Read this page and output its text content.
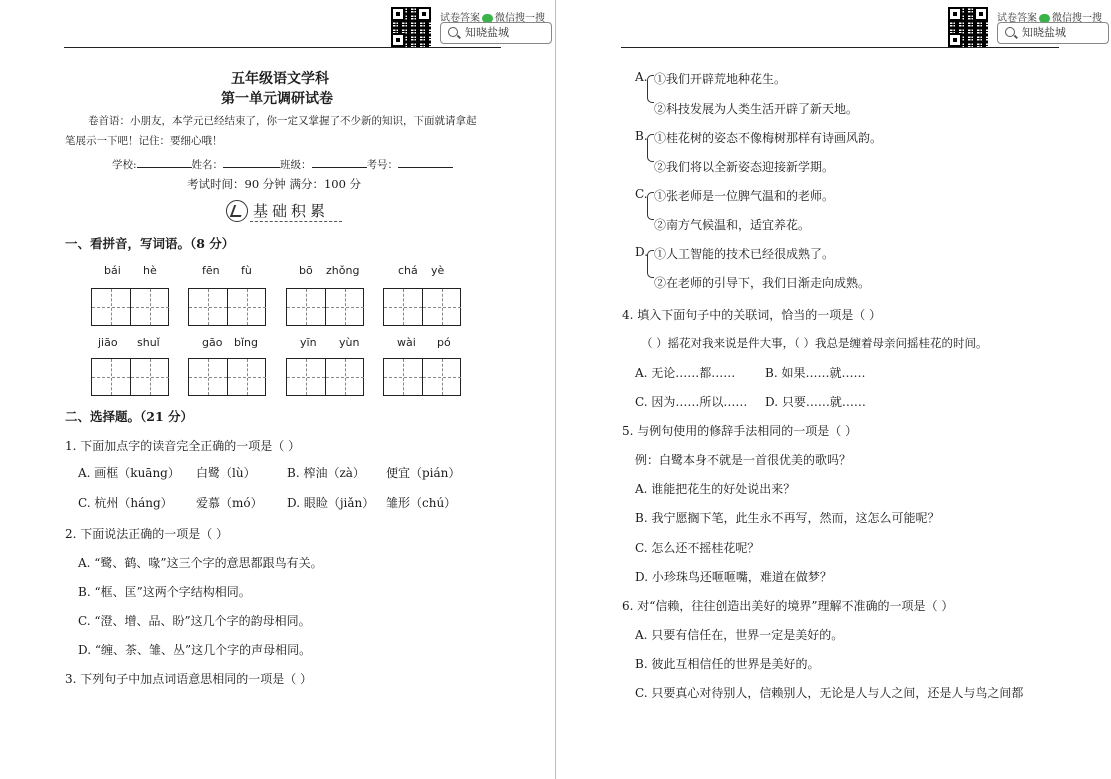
试卷答案 微信搜一搜
知晓盐城
五年级语文学科
第一单元调研试卷
卷首语：小朋友，本学元已经结束了，你一定又掌握了不少新的知识，下面就请拿起
笔展示一下吧！记住：要细心哦！
学校:	姓名：	班级：	考号：
考试时间：90 分钟 满分：100 分
基础积累
一、看拼音，写词语。（8 分）
bái hè	fēn fù	bō zhǒng	chá yè
jiāo shuǐ	gāo bǐng	yīn yùn	wài pó
二、选择题。（21 分）
1. 下面加点字的读音完全正确的一项是（ ）
A. 画框（kuāng） 白鹭（lù）	B. 榨油（zà） 便宜（pián）
C. 杭州（háng） 爱慕（mó） D. 眼睑（jiǎn） 雏形（chú）
2. 下面说法正确的一项是（ ）
A. “鹭、鹤、喙”这三个字的意思都跟鸟有关。
B. “框、匡”这两个字结构相同。
C. “澄、增、品、盼”这几个字的韵母相同。
D. “缠、茶、雏、丛”这几个字的声母相同。
3. 下列句子中加点词语意思相同的一项是（ ）
试卷答案 微信搜一搜
知晓盐城
A. ①我们开辟荒地种花生。
②科技发展为人类生活开辟了新天地。
B. ①桂花树的姿态不像梅树那样有诗画风韵。
②我们将以全新姿态迎接新学期。
C. ①张老师是一位脾气温和的老师。
②南方气候温和，适宜养花。
D. ①人工智能的技术已经很成熟了。
②在老师的引导下，我们日渐走向成熟。
4. 填入下面句子中的关联词，恰当的一项是（ ）
（ ）摇花对我来说是件大事，（ ）我总是缠着母亲问摇桂花的时间。
A. 无论……都…… B. 如果……就……
C. 因为……所以…… D. 只要……就……
5. 与例句使用的修辞手法相同的一项是（ ）
例：白鹭本身不就是一首很优美的歌吗？
A. 谁能把花生的好处说出来？
B. 我宁愿搁下笔，此生永不再写，然而，这怎么可能呢？
C. 怎么还不摇桂花呢？
D. 小珍珠鸟还咂咂嘴，难道在做梦？
6. 对“信赖，往往创造出美好的境界”理解不准确的一项是（ ）
A. 只要有信任在，世界一定是美好的。
B. 彼此互相信任的世界是美好的。
C. 只要真心对待别人，信赖别人，无论是人与人之间，还是人与鸟之间都
